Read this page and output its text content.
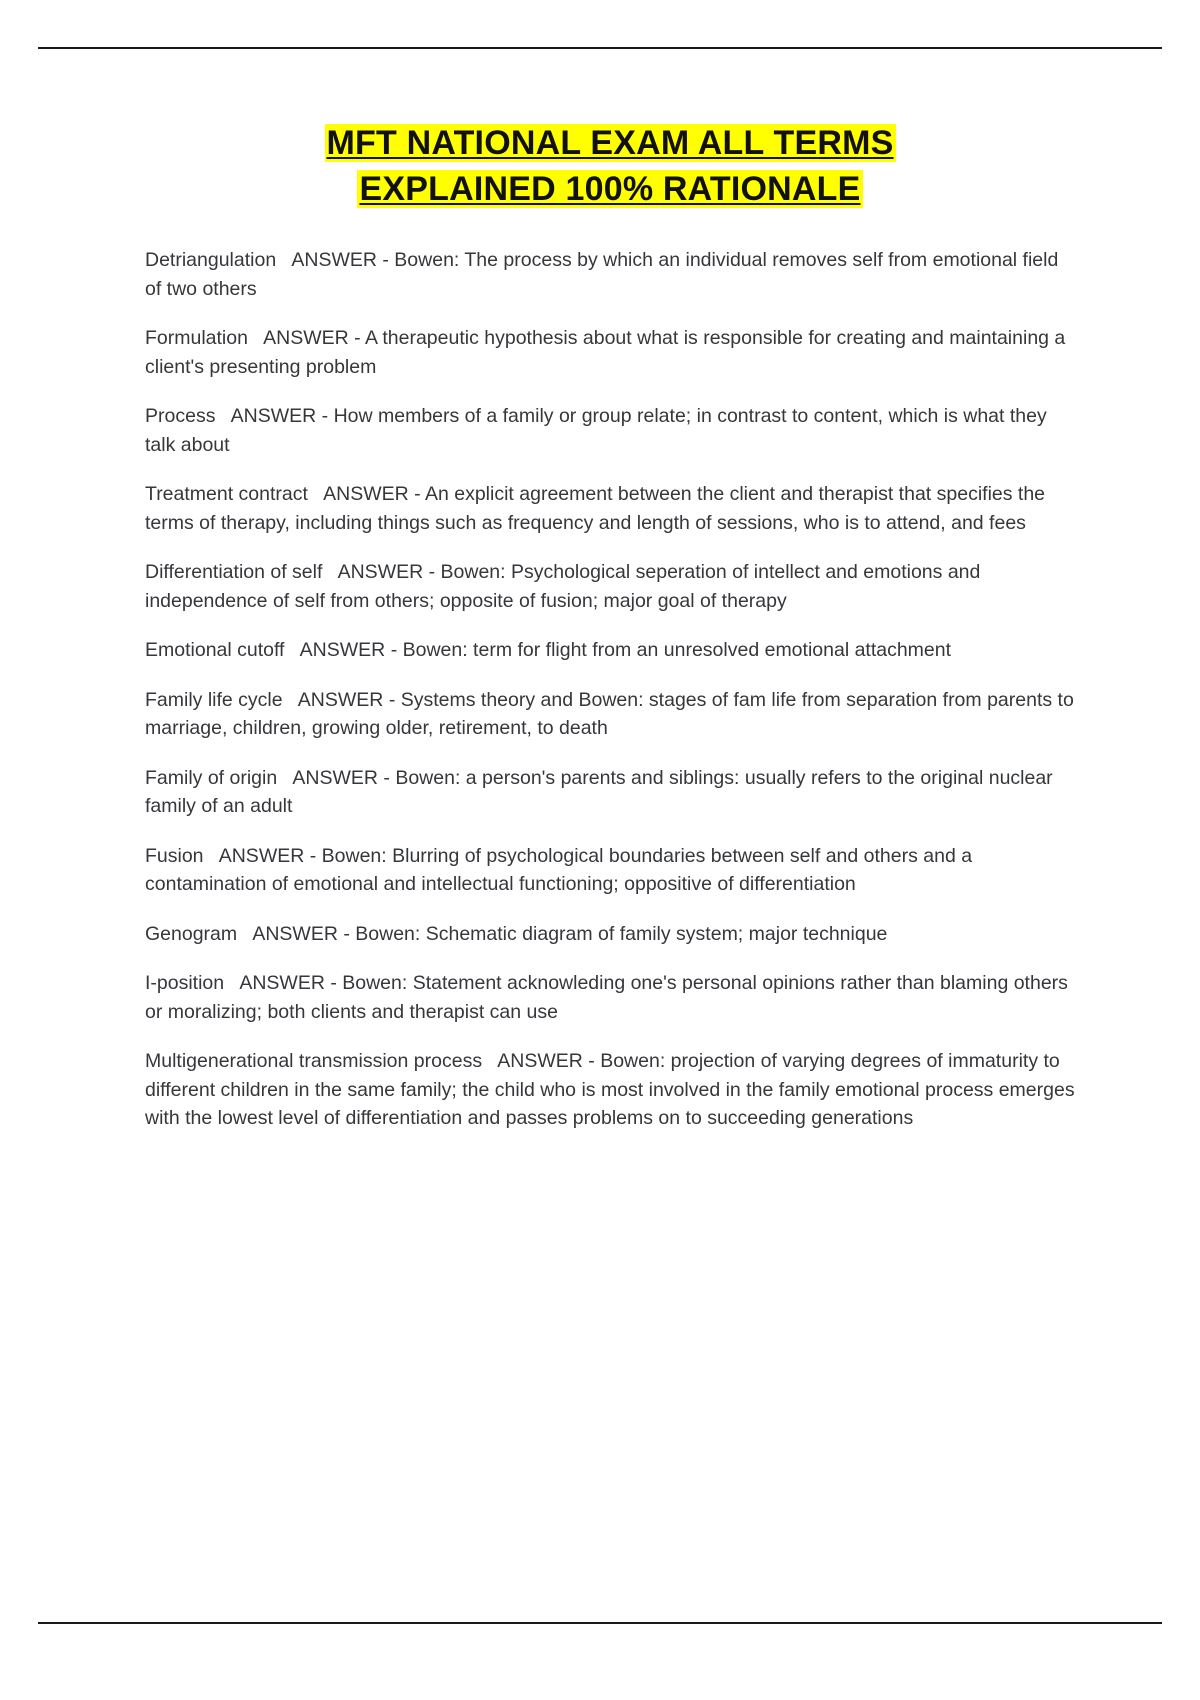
MFT NATIONAL EXAM ALL TERMS
EXPLAINED 100% RATIONALE

Detriangulation ANSWER - Bowen: The process by which an individual removes self from emotional field of two others

Formulation ANSWER - A therapeutic hypothesis about what is responsible for creating and maintaining a client's presenting problem

Process ANSWER - How members of a family or group relate; in contrast to content, which is what they talk about

Treatment contract ANSWER - An explicit agreement between the client and therapist that specifies the terms of therapy, including things such as frequency and length of sessions, who is to attend, and fees

Differentiation of self ANSWER - Bowen: Psychological seperation of intellect and emotions and independence of self from others; opposite of fusion; major goal of therapy

Emotional cutoff ANSWER - Bowen: term for flight from an unresolved emotional attachment

Family life cycle ANSWER - Systems theory and Bowen: stages of fam life from separation from parents to marriage, children, growing older, retirement, to death

Family of origin ANSWER - Bowen: a person's parents and siblings: usually refers to the original nuclear family of an adult

Fusion ANSWER - Bowen: Blurring of psychological boundaries between self and others and a contamination of emotional and intellectual functioning; oppositive of differentiation

Genogram ANSWER - Bowen: Schematic diagram of family system; major technique

I-position ANSWER - Bowen: Statement acknowleding one's personal opinions rather than blaming others or moralizing; both clients and therapist can use

Multigenerational transmission process ANSWER - Bowen: projection of varying degrees of immaturity to different children in the same family; the child who is most involved in the family emotional process emerges with the lowest level of differentiation and passes problems on to succeeding generations
